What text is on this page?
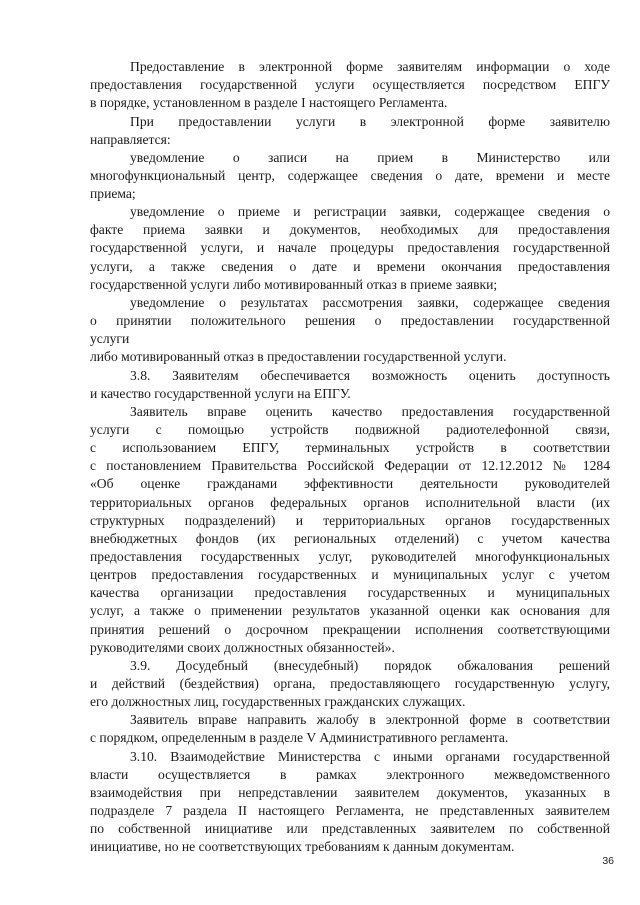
Предоставление в электронной форме заявителям информации о ходе
предоставления государственной услуги осуществляется посредством ЕПГУ
в порядке, установленном в разделе I настоящего Регламента.
При предоставлении услуги в электронной форме заявителю
направляется:
уведомление о записи на прием в Министерство или
многофункциональный центр, содержащее сведения о дате, времени и месте
приема;
уведомление о приеме и регистрации заявки, содержащее сведения о
факте приема заявки и документов, необходимых для предоставления
государственной услуги, и начале процедуры предоставления государственной
услуги, а также сведения о дате и времени окончания предоставления
государственной услуги либо мотивированный отказ в приеме заявки;
уведомление о результатах рассмотрения заявки, содержащее сведения
о принятии положительного решения о предоставлении государственной
услуги
либо мотивированный отказ в предоставлении государственной услуги.
3.8. Заявителям обеспечивается возможность оценить доступность
и качество государственной услуги на ЕПГУ.
Заявитель вправе оценить качество предоставления государственной
услуги с помощью устройств подвижной радиотелефонной связи,
с использованием ЕПГУ, терминальных устройств в соответствии
с постановлением Правительства Российской Федерации от 12.12.2012 № 1284
«Об оценке гражданами эффективности деятельности руководителей
территориальных органов федеральных органов исполнительной власти (их
структурных подразделений) и территориальных органов государственных
внебюджетных фондов (их региональных отделений) с учетом качества
предоставления государственных услуг, руководителей многофункциональных
центров предоставления государственных и муниципальных услуг с учетом
качества организации предоставления государственных и муниципальных
услуг, а также о применении результатов указанной оценки как основания для
принятия решений о досрочном прекращении исполнения соответствующими
руководителями своих должностных обязанностей».
3.9. Досудебный (внесудебный) порядок обжалования решений
и действий (бездействия) органа, предоставляющего государственную услугу,
его должностных лиц, государственных гражданских служащих.
Заявитель вправе направить жалобу в электронной форме в соответствии
с порядком, определенным в разделе V Административного регламента.
3.10. Взаимодействие Министерства с иными органами государственной
власти осуществляется в рамках электронного межведомственного
взаимодействия при непредставлении заявителем документов, указанных в
подразделе 7 раздела II настоящего Регламента, не представленных заявителем
по собственной инициативе или представленных заявителем по собственной
инициативе, но не соответствующих требованиям к данным документам.
36
